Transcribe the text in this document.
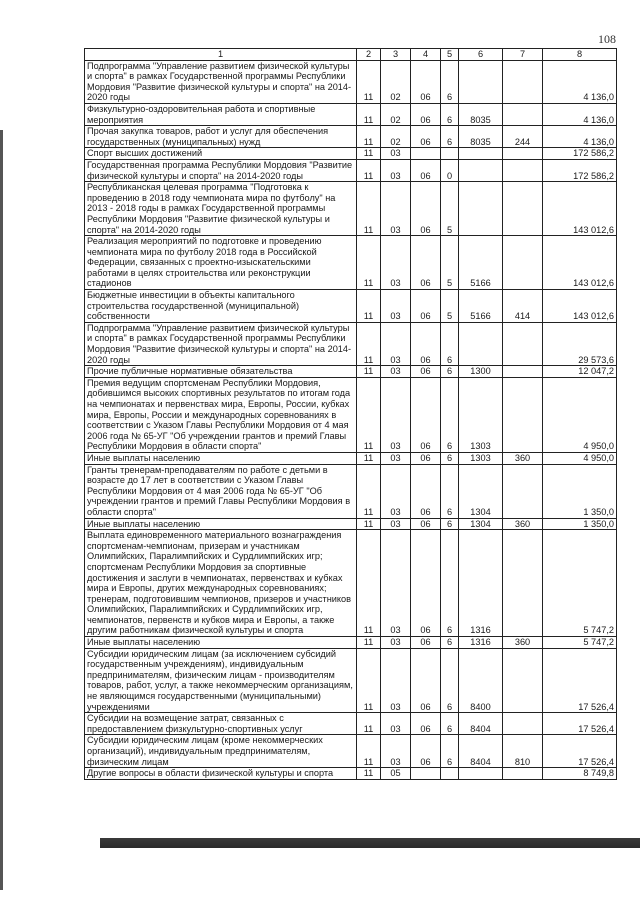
108
1	2	3	4	5	6	7	8
Подпрограмма "Управление развитием физической культуры и спорта" в рамках Государственной программы Республики Мордовия "Развитие физической культуры и спорта" на 2014-2020 годы	11	02	06	6			4 136,0
Физкультурно-оздоровительная работа и спортивные мероприятия	11	02	06	6	8035		4 136,0
Прочая закупка товаров, работ и услуг для обеспечения государственных (муниципальных) нужд	11	02	06	6	8035	244	4 136,0
Спорт высших достижений	11	03					172 586,2
Государственная программа Республики Мордовия "Развитие физической культуры и спорта" на 2014-2020 годы	11	03	06	0			172 586,2
Республиканская целевая программа "Подготовка к проведению в 2018 году чемпионата мира по футболу" на 2013 - 2018 годы в рамках Государственной программы Республики Мордовия "Развитие физической культуры и спорта" на 2014-2020 годы	11	03	06	5			143 012,6
Реализация мероприятий по подготовке и проведению чемпионата мира по футболу 2018 года в Российской Федерации, связанных с проектно-изыскательскими работами в целях строительства или реконструкции стадионов	11	03	06	5	5166		143 012,6
Бюджетные инвестиции в объекты капитального строительства государственной (муниципальной) собственности	11	03	06	5	5166	414	143 012,6
Подпрограмма "Управление развитием физической культуры и спорта" в рамках Государственной программы Республики Мордовия "Развитие физической культуры и спорта" на 2014-2020 годы	11	03	06	6			29 573,6
Прочие публичные нормативные обязательства	11	03	06	6	1300		12 047,2
Премия ведущим спортсменам Республики Мордовия, добившимся высоких спортивных результатов по итогам года на чемпионатах и первенствах мира, Европы, России, кубках мира, Европы, России и международных соревнованиях в соответствии с Указом Главы Республики Мордовия от 4 мая 2006 года № 65-УГ "Об учреждении грантов и премий Главы Республики Мордовия в области спорта"	11	03	06	6	1303		4 950,0
Иные выплаты населению	11	03	06	6	1303	360	4 950,0
Гранты тренерам-преподавателям по работе с детьми в возрасте до 17 лет в соответствии с Указом Главы Республики Мордовия от 4 мая 2006 года № 65-УГ "Об учреждении грантов и премий Главы Республики Мордовия в области спорта"	11	03	06	6	1304		1 350,0
Иные выплаты населению	11	03	06	6	1304	360	1 350,0
Выплата единовременного материального вознаграждения спортсменам-чемпионам, призерам и участникам Олимпийских, Паралимпийских и Сурдлимпийских игр; спортсменам Республики Мордовия за спортивные достижения и заслуги в чемпионатах, первенствах и кубках мира и Европы, других международных соревнованиях; тренерам, подготовившим чемпионов, призеров и участников Олимпийских, Паралимпийских и Сурдлимпийских игр, чемпионатов, первенств и кубков мира и Европы, а также другим работникам физической культуры и спорта	11	03	06	6	1316		5 747,2
Иные выплаты населению	11	03	06	6	1316	360	5 747,2
Субсидии юридическим лицам (за исключением субсидий государственным учреждениям), индивидуальным предпринимателям, физическим лицам - производителям товаров, работ, услуг, а также некоммерческим организациям, не являющимся государственными (муниципальными) учреждениями	11	03	06	6	8400		17 526,4
Субсидии на возмещение затрат, связанных с предоставлением физкультурно-спортивных услуг	11	03	06	6	8404		17 526,4
Субсидии юридическим лицам (кроме некоммерческих организаций), индивидуальным предпринимателям, физическим лицам	11	03	06	6	8404	810	17 526,4
Другие вопросы в области физической культуры и спорта	11	05					8 749,8
